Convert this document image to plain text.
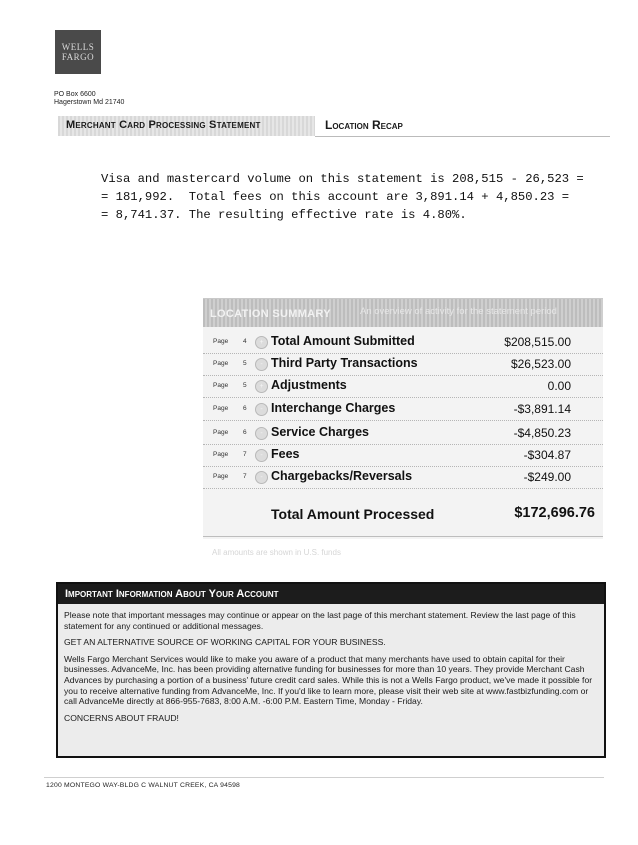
WELLS
FARGO
PO Box 6600
Hagerstown Md 21740
Merchant Card Processing Statement	Location Recap
Visa and mastercard volume on this statement is 208,515 - 26,523 =
= 181,992.  Total fees on this account are 3,891.14 + 4,850.23 =
= 8,741.37. The resulting effective rate is 4.80%.
LOCATION SUMMARY	An overview of activity for the statement period
Page 4	+ Total Amount Submitted	$208,515.00
Page 5	- Third Party Transactions	$26,523.00
Page 5	+ Adjustments	0.00
Page 6	- Interchange Charges	-$3,891.14
Page 6	- Service Charges	-$4,850.23
Page 7	- Fees	-$304.87
Page 7	- Chargebacks/Reversals	-$249.00
Total Amount Processed	$172,696.76
All amounts are shown in U.S. funds
Important Information About Your Account

Please note that important messages may continue or appear on the last page of this merchant statement. Review the last page of this statement for any continued or additional messages.

GET AN ALTERNATIVE SOURCE OF WORKING CAPITAL FOR YOUR BUSINESS.

Wells Fargo Merchant Services would like to make you aware of a product that many merchants have used to obtain capital for their businesses. AdvanceMe, Inc. has been providing alternative funding for businesses for more than 10 years. They provide Merchant Cash Advances by purchasing a portion of a business' future credit card sales. While this is not a Wells Fargo product, we've made it possible for you to receive alternative funding from AdvanceMe, Inc. If you'd like to learn more, please visit their web site at www.fastbizfunding.com or call AdvanceMe directly at 866-955-7683, 8:00 A.M. -6:00 P.M. Eastern Time, Monday - Friday.

CONCERNS ABOUT FRAUD!

1200 MONTEGO WAY-BLDG C WALNUT CREEK, CA 94598
